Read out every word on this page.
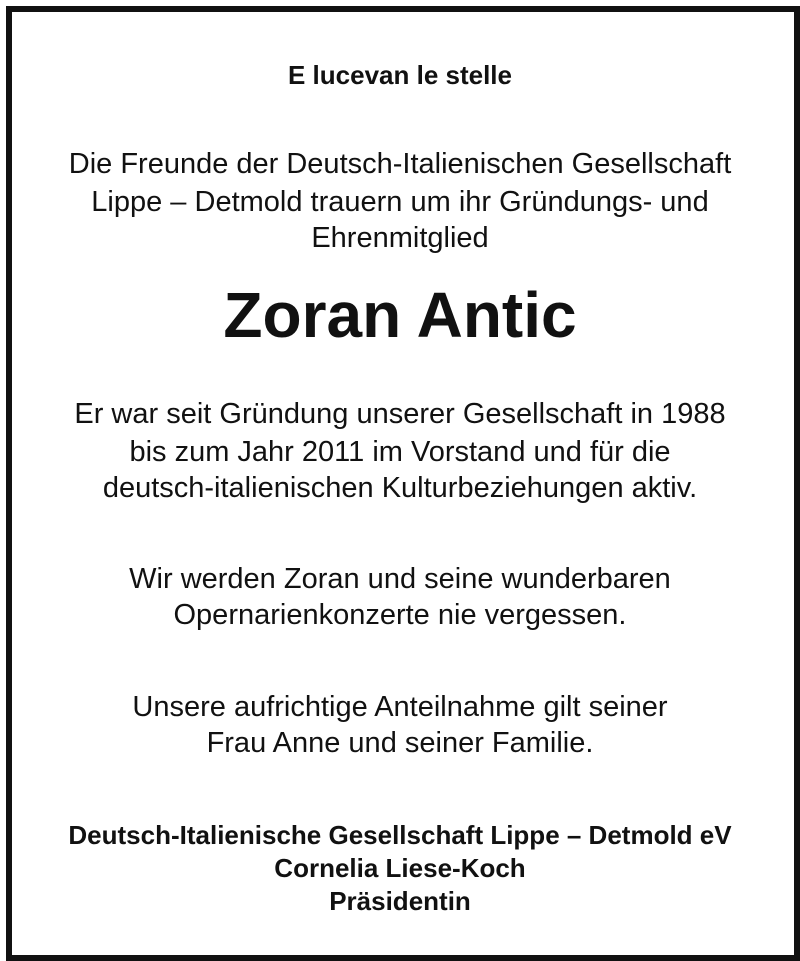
E lucevan le stelle
Die Freunde der Deutsch-Italienischen Gesellschaft
Lippe – Detmold trauern um ihr Gründungs- und
Ehrenmitglied
Zoran Antic
Er war seit Gründung unserer Gesellschaft in 1988
bis zum Jahr 2011 im Vorstand und für die
deutsch-italienischen Kulturbeziehungen aktiv.
Wir werden Zoran und seine wunderbaren
Opernarienkonzerte nie vergessen.
Unsere aufrichtige Anteilnahme gilt seiner
Frau Anne und seiner Familie.
Deutsch-Italienische Gesellschaft Lippe – Detmold eV
Cornelia Liese-Koch
Präsidentin
